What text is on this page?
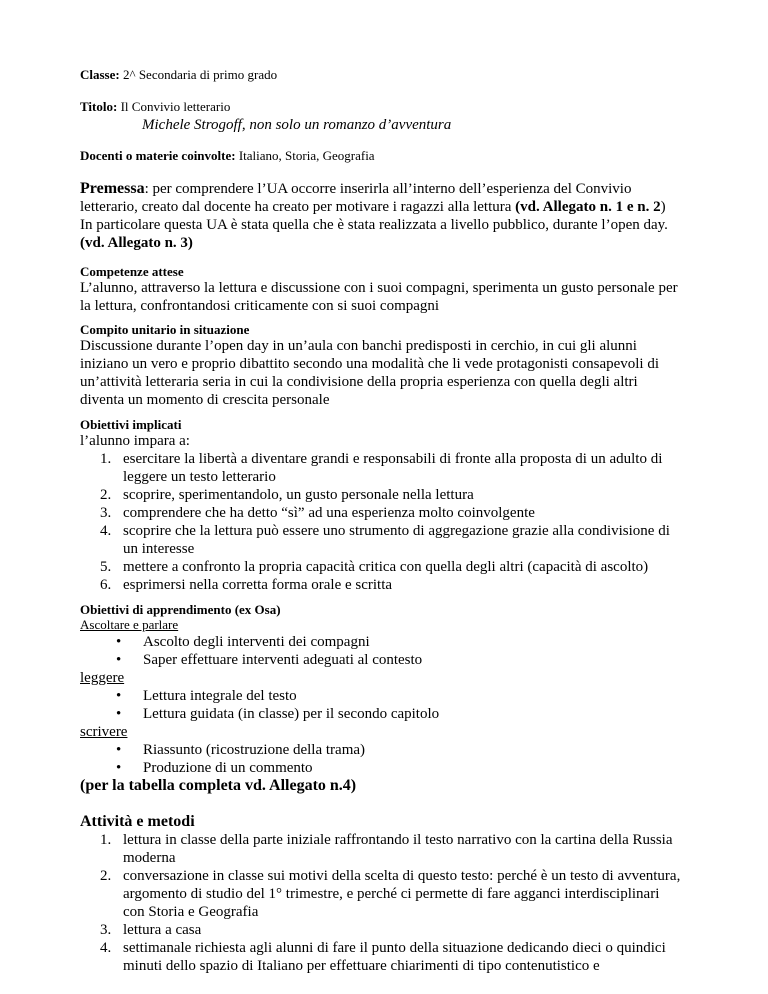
Classe: 2^ Secondaria di primo grado
Titolo: Il Convivio letterario
Michele Strogoff, non solo un romanzo d’avventura
Docenti o materie coinvolte: Italiano, Storia, Geografia
Premessa: per comprendere l’UA occorre inserirla all’interno dell’esperienza del Convivio
letterario, creato dal docente ha creato per motivare i ragazzi alla lettura (vd. Allegato n. 1 e n. 2)
In particolare questa UA è stata quella che è stata realizzata a livello pubblico, durante l’open day.
(vd. Allegato n. 3)
Competenze attese
L’alunno, attraverso la lettura e discussione con i suoi compagni, sperimenta un gusto personale per
la lettura, confrontandosi criticamente con si suoi compagni
Compito unitario in situazione
Discussione durante l’open day in un’aula con banchi predisposti in cerchio, in cui gli alunni
iniziano un vero e proprio dibattito secondo una modalità che li vede protagonisti consapevoli di
un’attività letteraria seria in cui la condivisione della propria esperienza con quella degli altri
diventa un momento di crescita personale
Obiettivi implicati
l’alunno impara a:
1. esercitare la libertà a diventare grandi e responsabili di fronte alla proposta di un adulto di
leggere un testo letterario
2. scoprire, sperimentandolo, un gusto personale nella lettura
3. comprendere che ha detto “sì” ad una esperienza molto coinvolgente
4. scoprire che la lettura può essere uno strumento di aggregazione grazie alla condivisione di
un interesse
5. mettere a confronto la propria capacità critica con quella degli altri (capacità di ascolto)
6. esprimersi nella corretta forma orale e scritta
Obiettivi di apprendimento (ex Osa)
Ascoltare e parlare
• Ascolto degli interventi dei compagni
• Saper effettuare interventi adeguati al contesto
leggere
• Lettura integrale del testo
• Lettura guidata (in classe) per il secondo capitolo
scrivere
• Riassunto (ricostruzione della trama)
• Produzione di un commento
(per la tabella completa vd. Allegato n.4)
Attività e metodi
1. lettura in classe della parte iniziale raffrontando il testo narrativo con la cartina della Russia
moderna
2. conversazione in classe sui motivi della scelta di questo testo: perché è un testo di avventura,
argomento di studio del 1° trimestre, e perché ci permette di fare agganci interdisciplinari
con Storia e Geografia
3. lettura a casa
4. settimanale richiesta agli alunni di fare il punto della situazione dedicando dieci o quindici
minuti dello spazio di Italiano per effettuare chiarimenti di tipo contenutistico e
